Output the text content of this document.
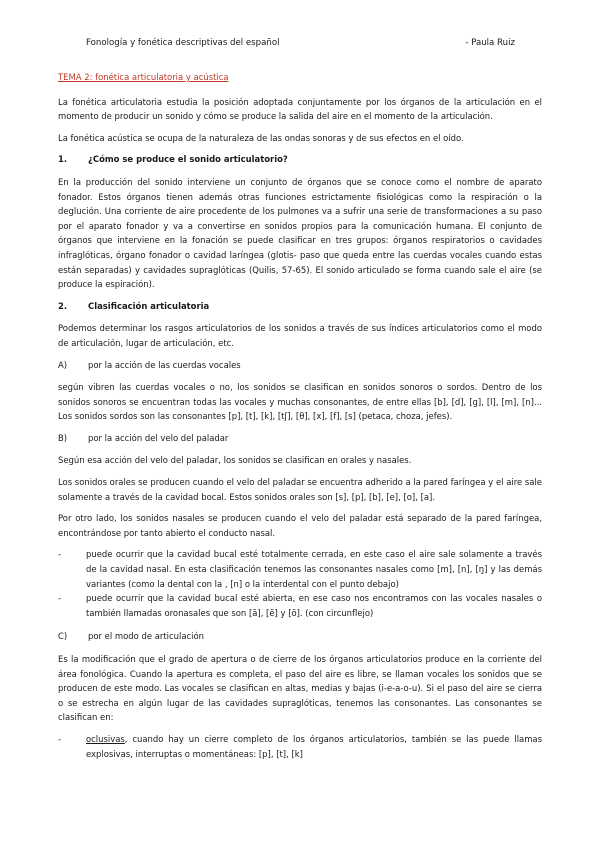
Fonología y fonética descriptivas del español	- Paula Ruiz

TEMA 2: fonética articulatoria y acústica

La fonética articulatoria estudia la posición adoptada conjuntamente por los órganos de la articulación en el momento de producir un sonido y cómo se produce la salida del aire en el momento de la articulación.

La fonética acústica se ocupa de la naturaleza de las ondas sonoras y de sus efectos en el oído.

1.	¿Cómo se produce el sonido articulatorio?

En la producción del sonido interviene un conjunto de órganos que se conoce como el nombre de aparato fonador. Estos órganos tienen además otras funciones estrictamente fisiológicas como la respiración o la deglución. Una corriente de aire procedente de los pulmones va a sufrir una serie de transformaciones a su paso por el aparato fonador y va a convertirse en sonidos propios para la comunicación humana. El conjunto de órganos que interviene en la fonación se puede clasificar en tres grupos: órganos respiratorios o cavidades infraglóticas, órgano fonador o cavidad laríngea (glotis- paso que queda entre las cuerdas vocales cuando estas están separadas) y cavidades supraglóticas (Quilis, 57-65). El sonido articulado se forma cuando sale el aire (se produce la espiración).

2.	Clasificación articulatoria

Podemos determinar los rasgos articulatorios de los sonidos a través de sus índices articulatorios como el modo de articulación, lugar de articulación, etc.

A)	por la acción de las cuerdas vocales

según vibren las cuerdas vocales o no, los sonidos se clasifican en sonidos sonoros o sordos. Dentro de los sonidos sonoros se encuentran todas las vocales y muchas consonantes, de entre ellas [b], [d], [g], [l], [m], [n]... Los sonidos sordos son las consonantes [p], [t], [k], [tʃ], [θ], [x], [f], [s] (petaca, choza, jefes).

B)	por la acción del velo del paladar

Según esa acción del velo del paladar, los sonidos se clasifican en orales y nasales.

Los sonidos orales se producen cuando el velo del paladar se encuentra adherido a la pared faríngea y el aire sale solamente a través de la cavidad bocal. Estos sonidos orales son [s], [p], [b], [e], [o], [a].

Por otro lado, los sonidos nasales se producen cuando el velo del paladar está separado de la pared faríngea, encontrándose por tanto abierto el conducto nasal.

-	puede ocurrir que la cavidad bucal esté totalmente cerrada, en este caso el aire sale solamente a través de la cavidad nasal. En esta clasificación tenemos las consonantes nasales como [m], [n], [ŋ] y las demás variantes (como la dental con la , [n] o la interdental con el punto debajo)
-	puede ocurrir que la cavidad bucal esté abierta, en ese caso nos encontramos con las vocales nasales o también llamadas oronasales que son [ã], [ẽ] y [õ]. (con circunflejo)
C)	por el modo de articulación

Es la modificación que el grado de apertura o de cierre de los órganos articulatorios produce en la corriente del área fonológica. Cuando la apertura es completa, el paso del aire es libre, se llaman vocales los sonidos que se producen de este modo. Las vocales se clasifican en altas, medias y bajas (i-e-a-o-u). Si el paso del aire se cierra o se estrecha en algún lugar de las cavidades supraglóticas, tenemos las consonantes. Las consonantes se clasifican en:

-	oclusivas, cuando hay un cierre completo de los órganos articulatorios, también se las puede llamas explosivas, interruptas o momentáneas: [p], [t], [k]
